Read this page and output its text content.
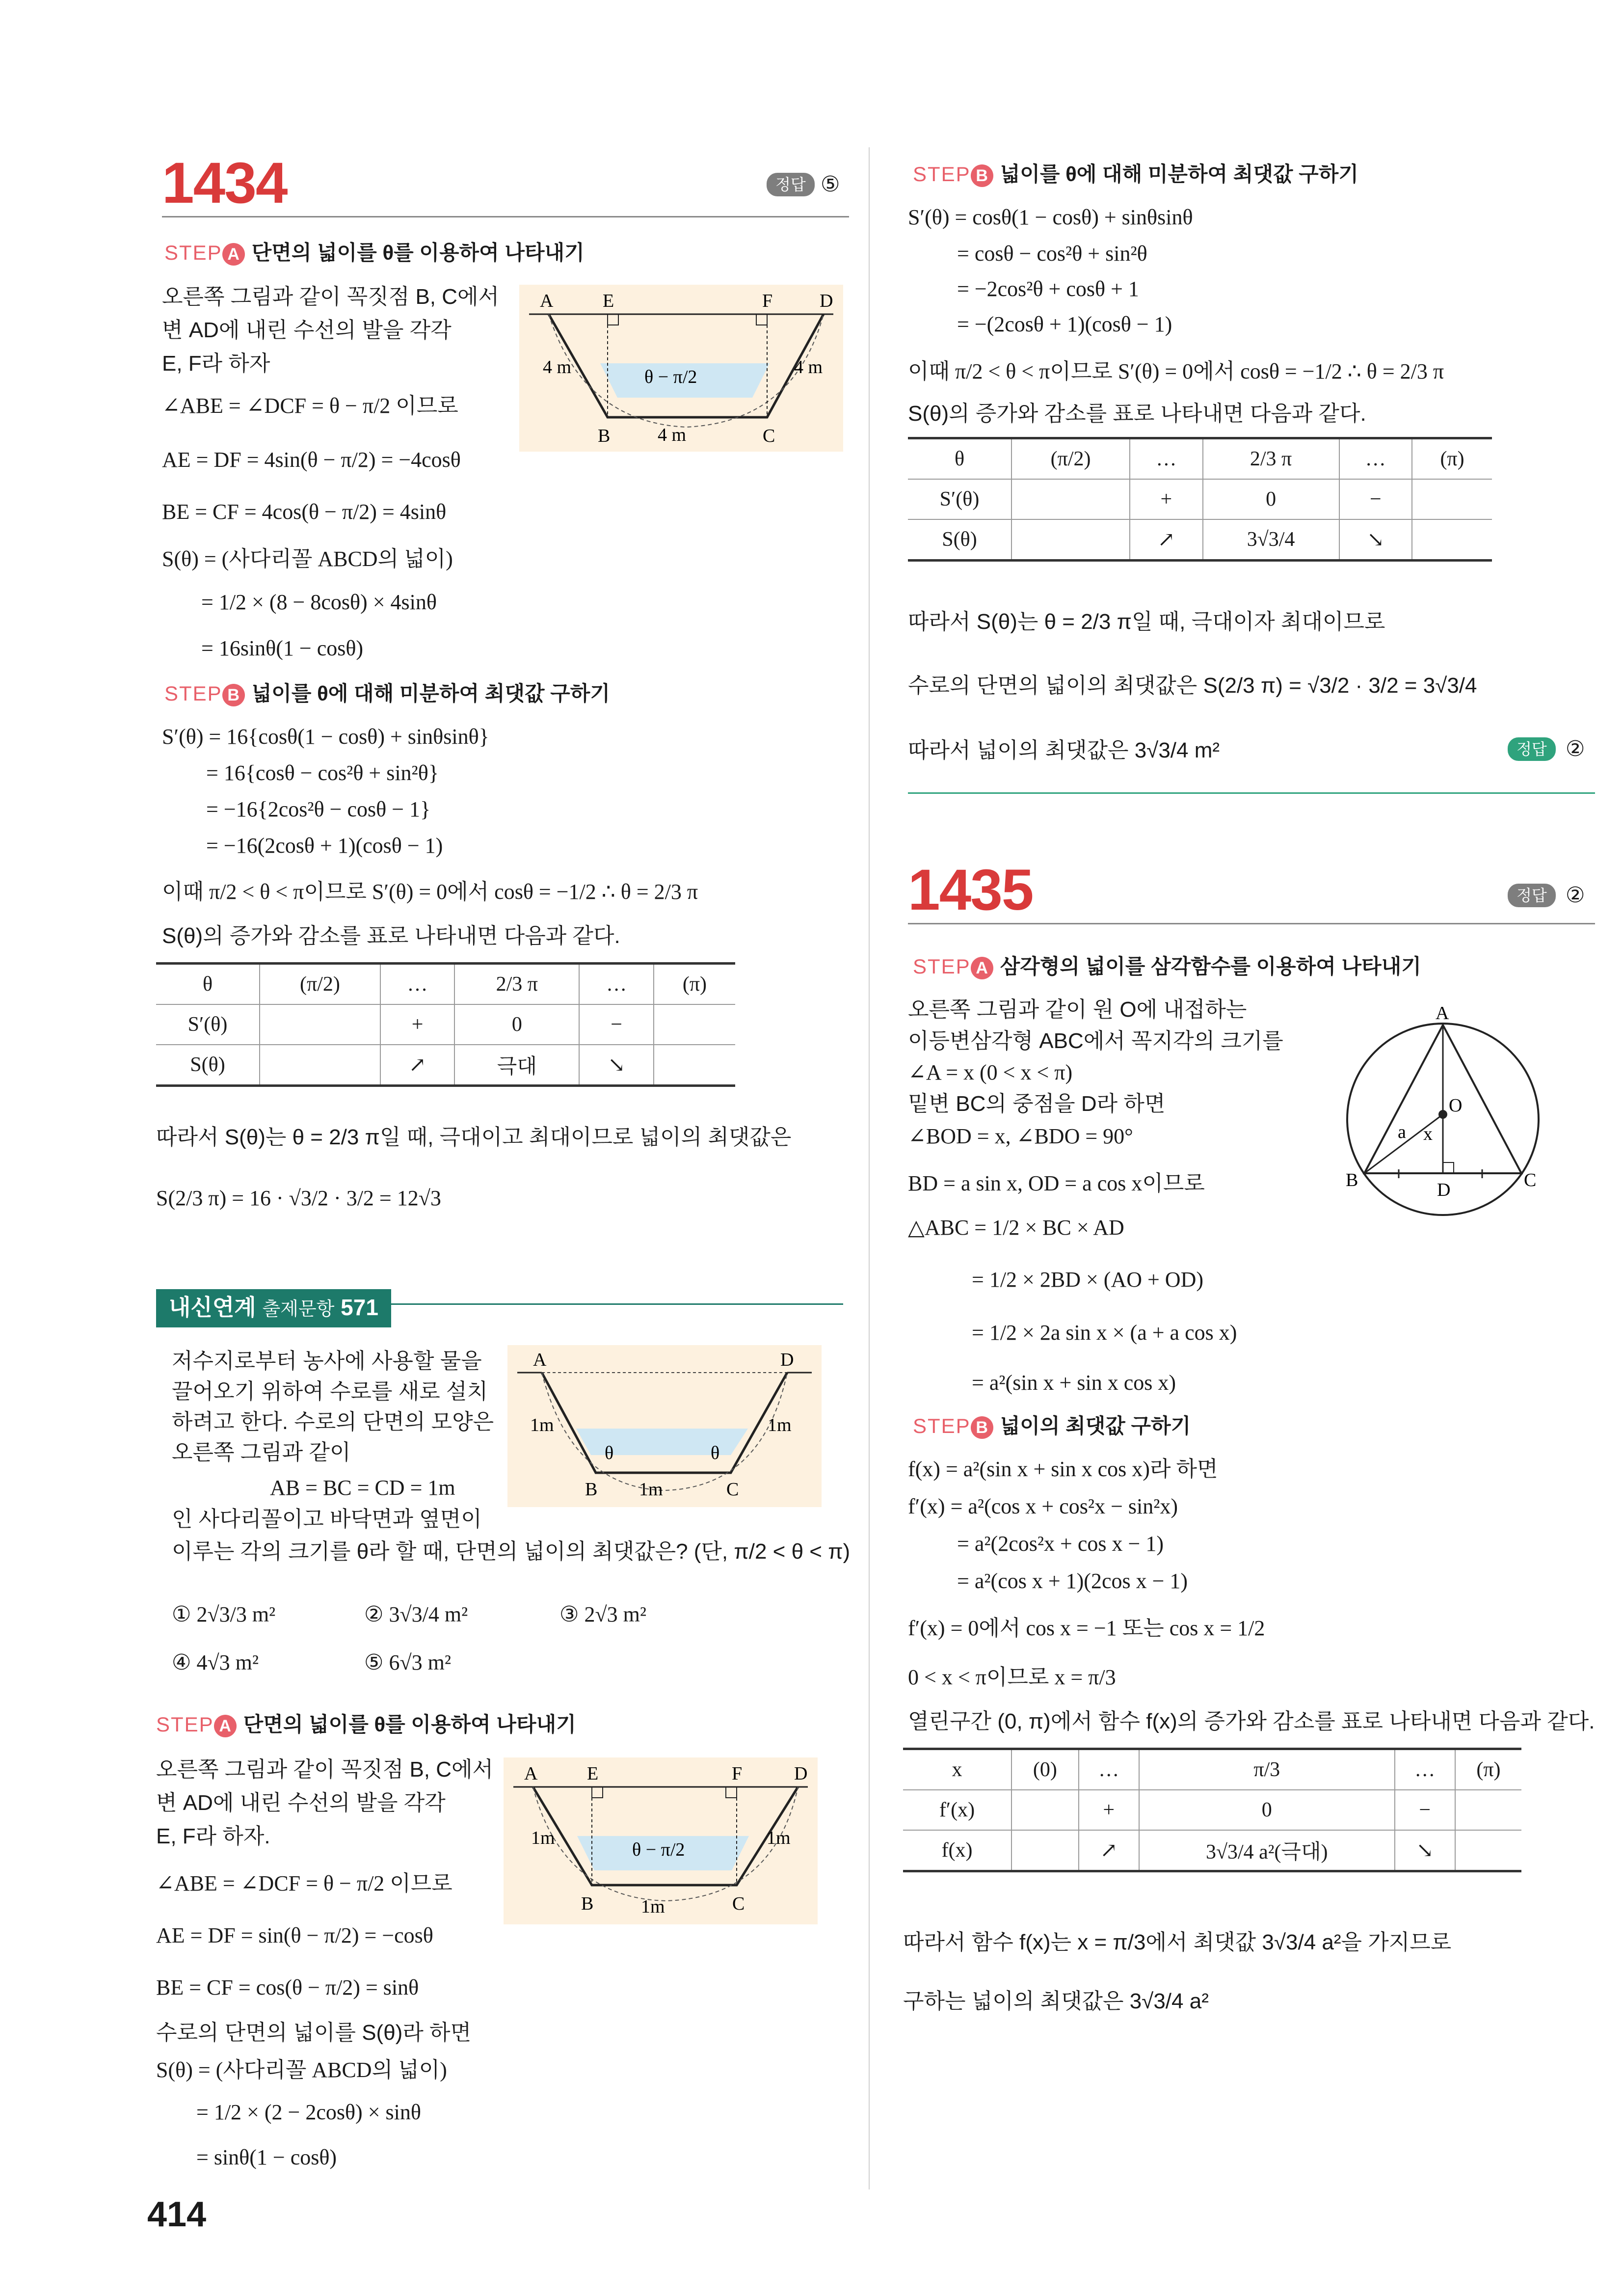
1434	정답 ⑤
STEP A 단면의 넓이를 θ를 이용하여 나타내기
오른쪽 그림과 같이 꼭짓점 B, C에서
변 AD에 내린 수선의 발을 각각
E, F라 하자
∠ABE = ∠DCF = θ − π/2 이므로
AE = DF = 4sin(θ − π/2) = −4cosθ
BE = CF = 4cos(θ − π/2) = 4sinθ
S(θ) = (사다리꼴 ABCD의 넓이)
= 1/2 × (8 − 8cosθ) × 4sinθ
= 16sinθ(1 − cosθ)
A	E	F	D
B	C
4 m	4 m
4 m
θ − π/2
STEP B 넓이를 θ에 대해 미분하여 최댓값 구하기
S′(θ) = 16{cosθ(1 − cosθ) + sinθsinθ}
= 16{cosθ − cos²θ + sin²θ}
= −16{2cos²θ − cosθ − 1}
= −16(2cosθ + 1)(cosθ − 1)
이때 π/2 < θ < π이므로 S′(θ) = 0에서 cosθ = −1/2 ∴ θ = 2/3 π
S(θ)의 증가와 감소를 표로 나타내면 다음과 같다.
θ	(π/2)	…	2/3 π	…	(π)
S′(θ)		+	0	−	
S(θ)		↗	극대	↘	
따라서 S(θ)는 θ = 2/3 π일 때, 극대이고 최대이므로 넓이의 최댓값은
S(2/3 π) = 16 · √3/2 · 3/2 = 12√3
내신연계 출제문항 571
저수지로부터 농사에 사용할 물을
끌어오기 위하여 수로를 새로 설치
하려고 한다. 수로의 단면의 모양은
오른쪽 그림과 같이
AB = BC = CD = 1m
인 사다리꼴이고 바닥면과 옆면이
이루는 각의 크기를 θ라 할 때, 단면의 넓이의 최댓값은? (단, π/2 < θ < π)
A	D
B	C
1m	1m
1m
θ	θ
① 2√3/3 m²	② 3√3/4 m²	③ 2√3 m²
④ 4√3 m²	⑤ 6√3 m²
STEP A 단면의 넓이를 θ를 이용하여 나타내기
오른쪽 그림과 같이 꼭짓점 B, C에서
변 AD에 내린 수선의 발을 각각
E, F라 하자.
∠ABE = ∠DCF = θ − π/2 이므로
AE = DF = sin(θ − π/2) = −cosθ
BE = CF = cos(θ − π/2) = sinθ
수로의 단면의 넓이를 S(θ)라 하면
S(θ) = (사다리꼴 ABCD의 넓이)
= 1/2 × (2 − 2cosθ) × sinθ
= sinθ(1 − cosθ)
A	E	F	D
B	C
1m	1m
1m
θ − π/2
414
STEP B 넓이를 θ에 대해 미분하여 최댓값 구하기
S′(θ) = cosθ(1 − cosθ) + sinθsinθ
= cosθ − cos²θ + sin²θ
= −2cos²θ + cosθ + 1
= −(2cosθ + 1)(cosθ − 1)
이때 π/2 < θ < π이므로 S′(θ) = 0에서 cosθ = −1/2 ∴ θ = 2/3 π
S(θ)의 증가와 감소를 표로 나타내면 다음과 같다.
θ	(π/2)	…	2/3 π	…	(π)
S′(θ)		+	0	−	
S(θ)		↗	3√3/4	↘	
따라서 S(θ)는 θ = 2/3 π일 때, 극대이자 최대이므로
수로의 단면의 넓이의 최댓값은 S(2/3 π) = √3/2 · 3/2 = 3√3/4
따라서 넓이의 최댓값은 3√3/4 m²	정답 ②
1435	정답 ②
STEP A 삼각형의 넓이를 삼각함수를 이용하여 나타내기
오른쪽 그림과 같이 원 O에 내접하는
이등변삼각형 ABC에서 꼭지각의 크기를
∠A = x (0 < x < π)
밑변 BC의 중점을 D라 하면
∠BOD = x, ∠BDO = 90°
BD = a sin x, OD = a cos x이므로
△ABC = 1/2 × BC × AD
= 1/2 × 2BD × (AO + OD)
= 1/2 × 2a sin x × (a + a cos x)
= a²(sin x + sin x cos x)
A
B	C
D
O
a x
STEP B 넓이의 최댓값 구하기
f(x) = a²(sin x + sin x cos x)라 하면
f′(x) = a²(cos x + cos²x − sin²x)
= a²(2cos²x + cos x − 1)
= a²(cos x + 1)(2cos x − 1)
f′(x) = 0에서 cos x = −1 또는 cos x = 1/2
0 < x < π이므로 x = π/3
열린구간 (0, π)에서 함수 f(x)의 증가와 감소를 표로 나타내면 다음과 같다.
x	(0)	…	π/3	…	(π)
f′(x)		+	0	−	
f(x)		↗	3√3/4 a²(극대)	↘	
따라서 함수 f(x)는 x = π/3에서 최댓값 3√3/4 a²을 가지므로
구하는 넓이의 최댓값은 3√3/4 a²
